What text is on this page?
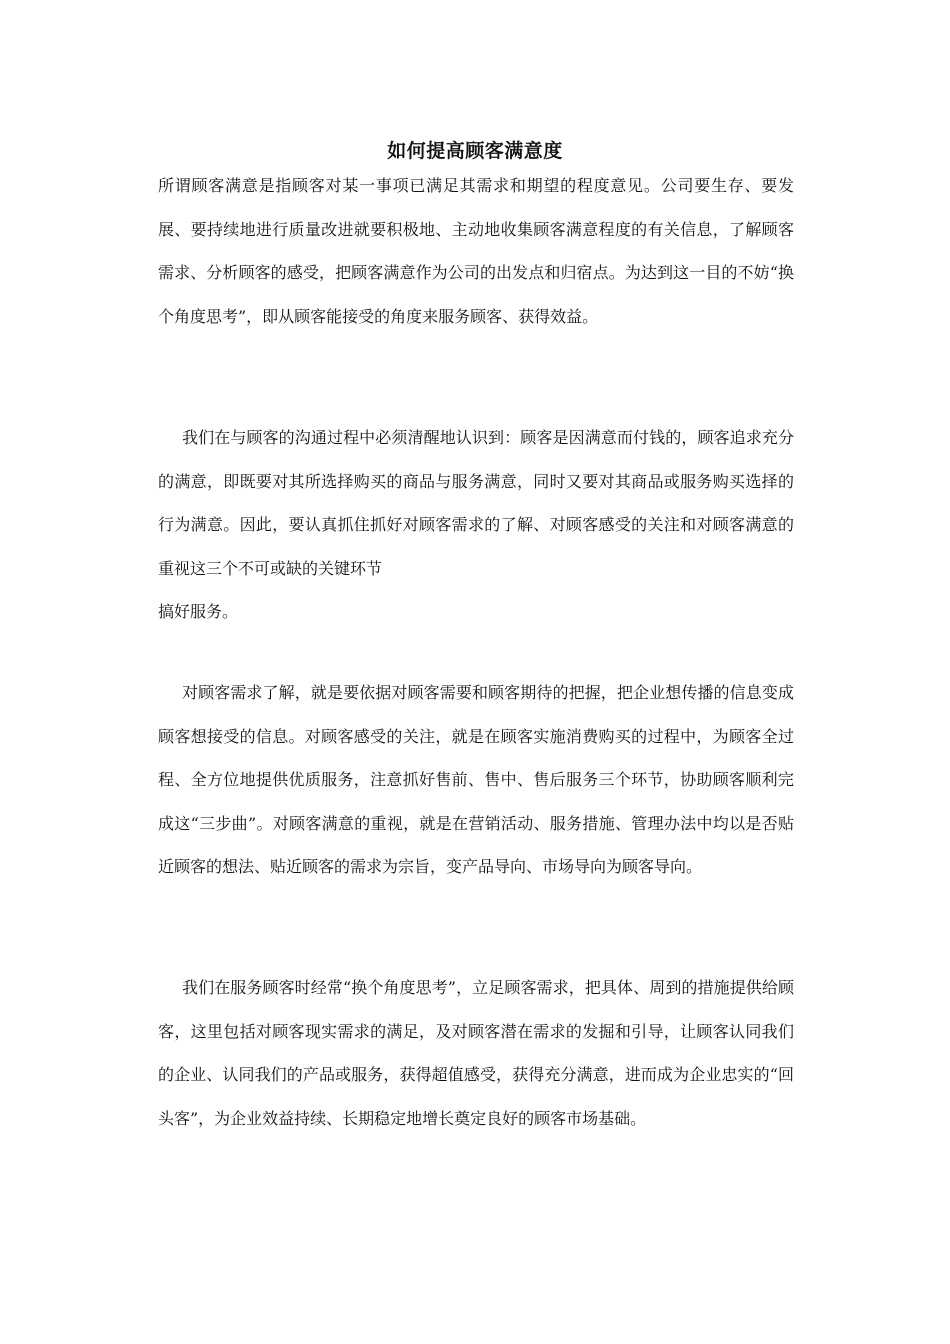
如何提高顾客满意度
所谓顾客满意是指顾客对某一事项已满足其需求和期望的程度意见。公司要生存、要发展、要持续地进行质量改进就要积极地、主动地收集顾客满意程度的有关信息，了解顾客需求、分析顾客的感受，把顾客满意作为公司的出发点和归宿点。为达到这一目的不妨“换个角度思考”，即从顾客能接受的角度来服务顾客、获得效益。
我们在与顾客的沟通过程中必须清醒地认识到：顾客是因满意而付钱的，顾客追求充分的满意，即既要对其所选择购买的商品与服务满意，同时又要对其商品或服务购买选择的行为满意。因此，要认真抓住抓好对顾客需求的了解、对顾客感受的关注和对顾客满意的重视这三个不可或缺的关键环节
搞好服务。
对顾客需求了解，就是要依据对顾客需要和顾客期待的把握，把企业想传播的信息变成顾客想接受的信息。对顾客感受的关注，就是在顾客实施消费购买的过程中，为顾客全过程、全方位地提供优质服务，注意抓好售前、售中、售后服务三个环节，协助顾客顺利完成这“三步曲”。对顾客满意的重视，就是在营销活动、服务措施、管理办法中均以是否贴近顾客的想法、贴近顾客的需求为宗旨，变产品导向、市场导向为顾客导向。
我们在服务顾客时经常“换个角度思考”，立足顾客需求，把具体、周到的措施提供给顾客，这里包括对顾客现实需求的满足，及对顾客潜在需求的发掘和引导，让顾客认同我们的企业、认同我们的产品或服务，获得超值感受，获得充分满意，进而成为企业忠实的“回头客”，为企业效益持续、长期稳定地增长奠定良好的顾客市场基础。
